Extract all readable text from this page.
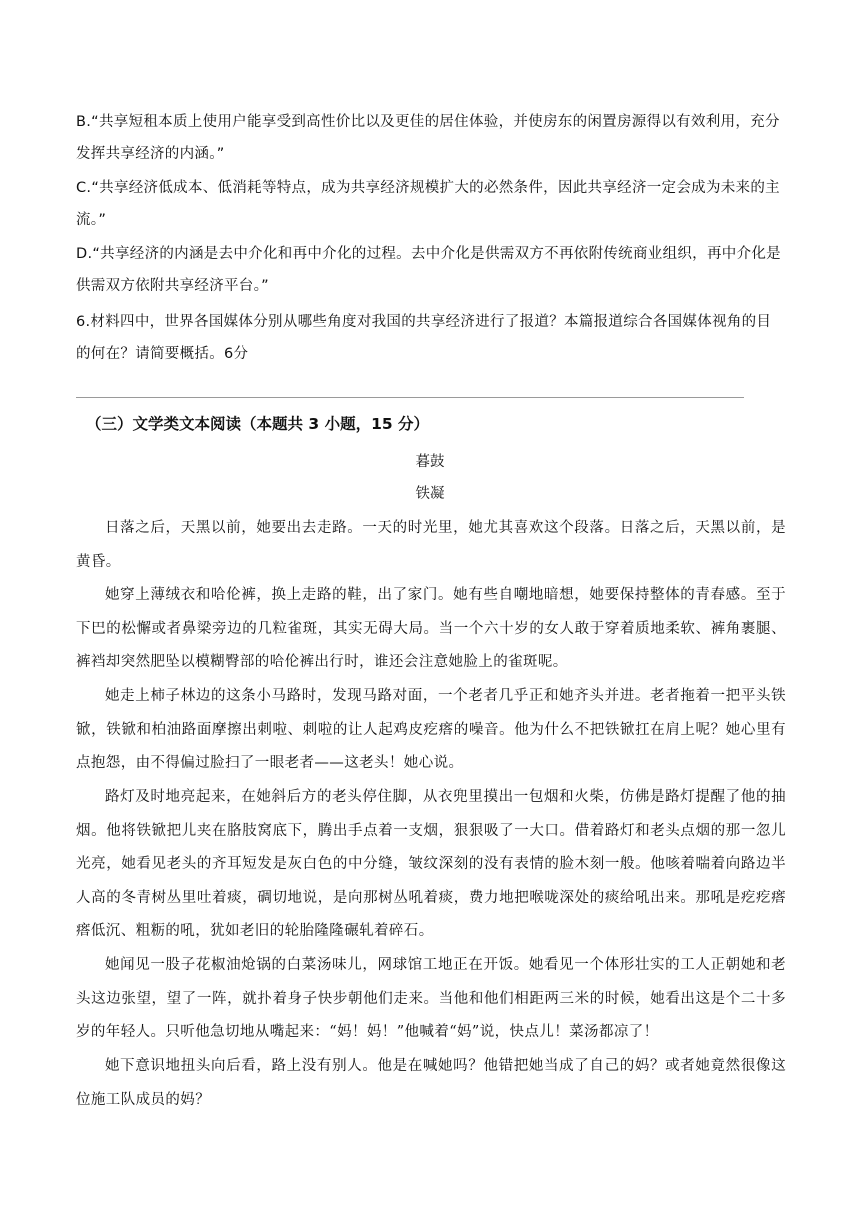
B.“共享短租本质上使用户能享受到高性价比以及更佳的居住体验，并使房东的闲置房源得以有效利用，充分发挥共享经济的内涵。”
C.“共享经济低成本、低消耗等特点，成为共享经济规模扩大的必然条件，因此共享经济一定会成为未来的主流。”
D.“共享经济的内涵是去中介化和再中介化的过程。去中介化是供需双方不再依附传统商业组织，再中介化是供需双方依附共享经济平台。”
6.材料四中，世界各国媒体分别从哪些角度对我国的共享经济进行了报道？本篇报道综合各国媒体视角的目的何在？请简要概括。6分
（三）文学类文本阅读（本题共 3 小题，15 分）
暮鼓
铁凝
日落之后，天黑以前，她要出去走路。一天的时光里，她尤其喜欢这个段落。日落之后，天黑以前，是黄昏。
她穿上薄绒衣和哈伦裤，换上走路的鞋，出了家门。她有些自嘲地暗想，她要保持整体的青春感。至于下巴的松懈或者鼻梁旁边的几粒雀斑，其实无碍大局。当一个六十岁的女人敢于穿着质地柔软、裤角裹腿、裤裆却突然肥坠以模糊臀部的哈伦裤出行时，谁还会注意她脸上的雀斑呢。
她走上柿子林边的这条小马路时，发现马路对面，一个老者几乎正和她齐头并进。老者拖着一把平头铁锨，铁锨和柏油路面摩擦出刺啦、刺啦的让人起鸡皮疙瘩的噪音。他为什么不把铁锨扛在肩上呢？她心里有点抱怨，由不得偏过脸扫了一眼老者——这老头！她心说。
路灯及时地亮起来，在她斜后方的老头停住脚，从衣兜里摸出一包烟和火柴，仿佛是路灯提醒了他的抽烟。他将铁锨把儿夹在胳肢窝底下，腾出手点着一支烟，狠狠吸了一大口。借着路灯和老头点烟的那一忽儿光亮，她看见老头的齐耳短发是灰白色的中分缝，皱纹深刻的没有表情的脸木刻一般。他咳着喘着向路边半人高的冬青树丛里吐着痰，碉切地说，是向那树丛吼着痰，费力地把喉咙深处的痰给吼出来。那吼是疙疙瘩瘩低沉、粗粝的吼，犹如老旧的轮胎隆隆碾轧着碎石。
她闻见一股子花椒油炝锅的白菜汤味儿，网球馆工地正在开饭。她看见一个体形壮实的工人正朝她和老头这边张望，望了一阵，就扑着身子快步朝他们走来。当他和他们相距两三米的时候，她看出这是个二十多岁的年轻人。只听他急切地从嘴起来：“妈！妈！”他喊着“妈”说，快点儿！菜汤都凉了！
她下意识地扭头向后看，路上没有别人。他是在喊她吗？他错把她当成了自己的妈？或者她竟然很像这位施工队成员的妈？
